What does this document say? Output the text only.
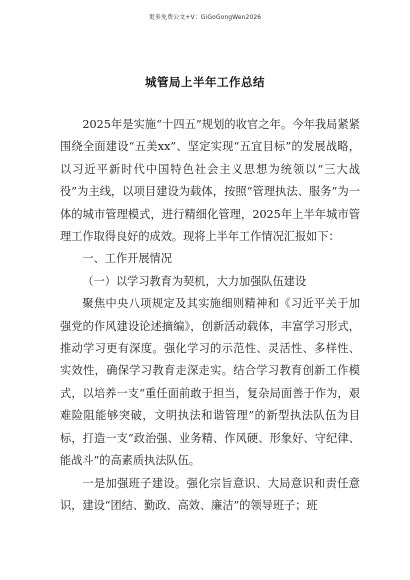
更多免费公文+V：GiGoGongWen2026
城管局上半年工作总结

2025年是实施“十四五”规划的收官之年。今年我局紧紧围绕全面建设“五美xx”、坚定实现“五宜目标”的发展战略，以习近平新时代中国特色社会主义思想为统领以“三大战役”为主线，以项目建设为载体，按照“管理执法、服务”为一体的城市管理模式，进行精细化管理，2025年上半年城市管理工作取得良好的成效。现将上半年工作情况汇报如下：

一、工作开展情况

（一）以学习教育为契机，大力加强队伍建设

聚焦中央八项规定及其实施细则精神和《习近平关于加强党的作风建设论述摘编》，创新活动载体，丰富学习形式，推动学习更有深度。强化学习的示范性、灵活性、多样性、实效性，确保学习教育走深走实。结合学习教育创新工作模式，以培养一支“重任面前敢于担当，复杂局面善于作为，艰难险阻能够突破，文明执法和谐管理”的新型执法队伍为目标，打造一支“政治强、业务精、作风硬、形象好、守纪律、能战斗”的高素质执法队伍。

一是加强班子建设。强化宗旨意识、大局意识和责任意识，建设“团结、勤政、高效、廉洁”的领导班子；班
